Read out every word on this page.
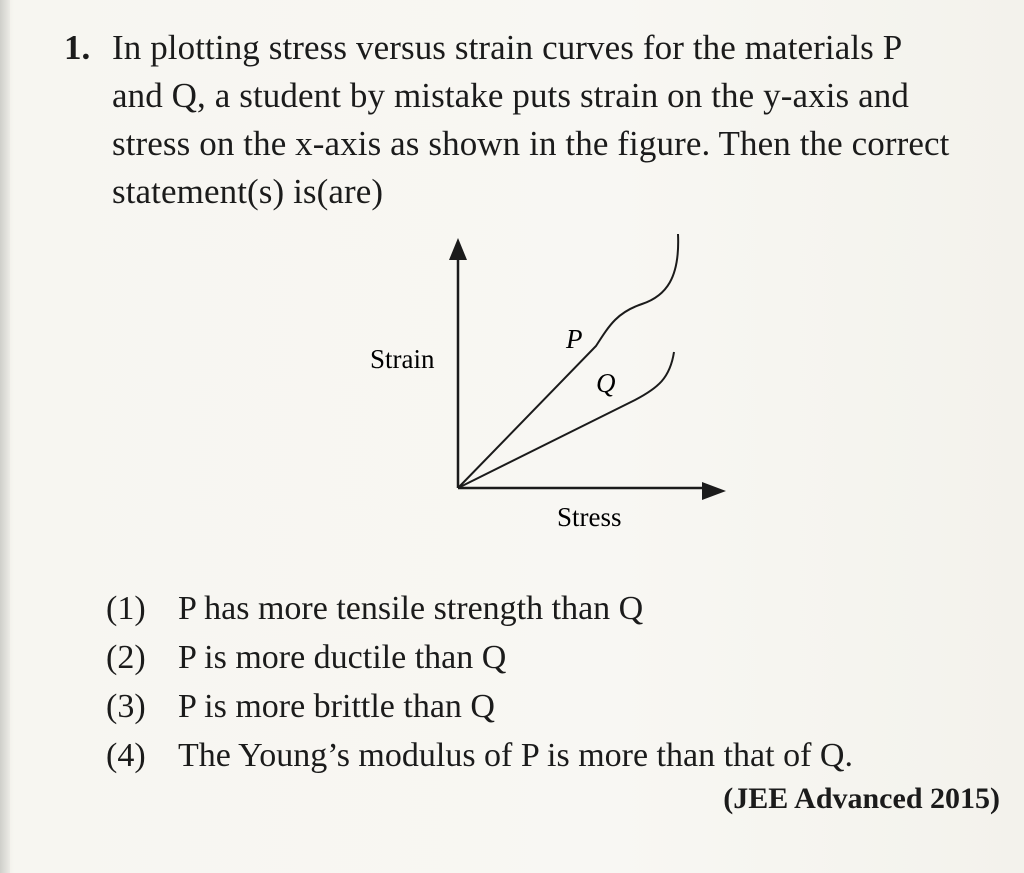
1. In plotting stress versus strain curves for the materials P
and Q, a student by mistake puts strain on the y-axis and
stress on the x-axis as shown in the figure. Then the correct
statement(s) is(are)
Strain
Stress
P
Q
(1) P has more tensile strength than Q
(2) P is more ductile than Q
(3) P is more brittle than Q
(4) The Young’s modulus of P is more than that of Q.
(JEE Advanced 2015)
